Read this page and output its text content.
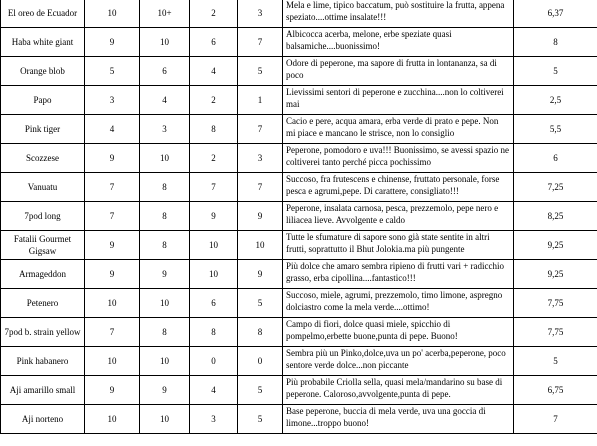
El oreo de Ecuador	10	10+	2	3	Mela e lime, tipico baccatum, può sostituire la frutta, appena speziato....ottime insalate!!!	6,37
Haba white giant	9	10	6	7	Albicocca acerba, melone, erbe speziate quasi balsamiche....buonissimo!	8
Orange blob	5	6	4	5	Odore di peperone, ma sapore di frutta in lontananza, sa di poco	5
Papo	3	4	2	1	Lievissimi sentori di peperone e zucchina....non lo coltiverei mai	2,5
Pink tiger	4	3	8	7	Cacio e pere, acqua amara, erba verde di prato e pepe. Non mi piace e mancano le strisce, non lo consiglio	5,5
Scozzese	9	10	2	3	Peperone, pomodoro e uva!!! Buonissimo, se avessi spazio ne coltiverei tanto perché picca pochissimo	6
Vanuatu	7	8	7	7	Succoso, fra frutescens e chinense, fruttato personale, forse pesca e agrumi,pepe. Di carattere, consigliato!!!	7,25
7pod long	7	8	9	9	Peperone, insalata carnosa, pesca, prezzemolo, pepe nero e liliacea lieve. Avvolgente e caldo	8,25
Fatalii Gourmet Gigsaw	9	8	10	10	Tutte le sfumature di sapore sono già state sentite in altri frutti, soprattutto il Bhut Jolokia.ma più pungente	9,25
Armageddon	9	9	10	9	Più dolce che amaro sembra ripieno di frutti vari + radicchio grasso, erba cipollina....fantastico!!!	9,25
Petenero	10	10	6	5	Succoso, miele, agrumi, prezzemolo, timo limone, aspregno dolciastro come la mela verde....ottimo!	7,75
7pod b. strain yellow	7	8	8	8	Campo di fiori, dolce quasi miele, spicchio di pompelmo,erbette buone,punta di pepe. Buono!	7,75
Pink habanero	10	10	0	0	Sembra più un Pinko,dolce,uva un po' acerba,peperone, poco sentore verde dolce...non piccante	5
Aji amarillo small	9	9	4	5	Più probabile Criolla sella, quasi mela/mandarino su base di peperone. Caloroso,avvolgente,punta di pepe.	6,75
Aji norteno	10	10	3	5	Base peperone, buccia di mela verde, uva una goccia di limone...troppo buono!	7
